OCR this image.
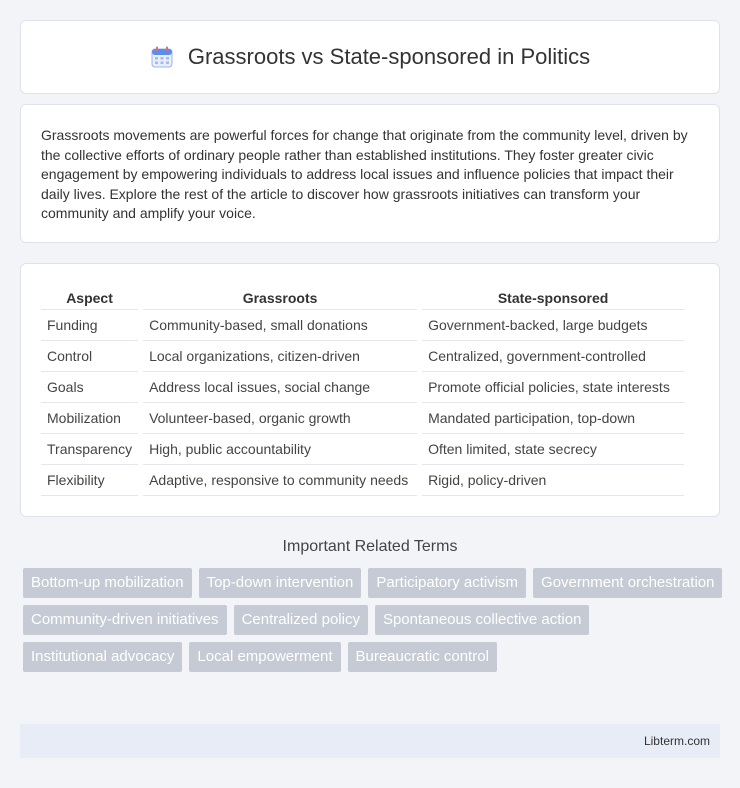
Grassroots vs State-sponsored in Politics

Grassroots movements are powerful forces for change that originate from the community level, driven by the collective efforts of ordinary people rather than established institutions. They foster greater civic engagement by empowering individuals to address local issues and influence policies that impact their daily lives. Explore the rest of the article to discover how grassroots initiatives can transform your community and amplify your voice.

Aspect	Grassroots	State-sponsored
Funding	Community-based, small donations	Government-backed, large budgets
Control	Local organizations, citizen-driven	Centralized, government-controlled
Goals	Address local issues, social change	Promote official policies, state interests
Mobilization	Volunteer-based, organic growth	Mandated participation, top-down
Transparency	High, public accountability	Often limited, state secrecy
Flexibility	Adaptive, responsive to community needs	Rigid, policy-driven
Important Related Terms
Bottom-up mobilization	Top-down intervention	Participatory activism	Government orchestration
Community-driven initiatives	Centralized policy	Spontaneous collective action
Institutional advocacy	Local empowerment	Bureaucratic control
Libterm.com
